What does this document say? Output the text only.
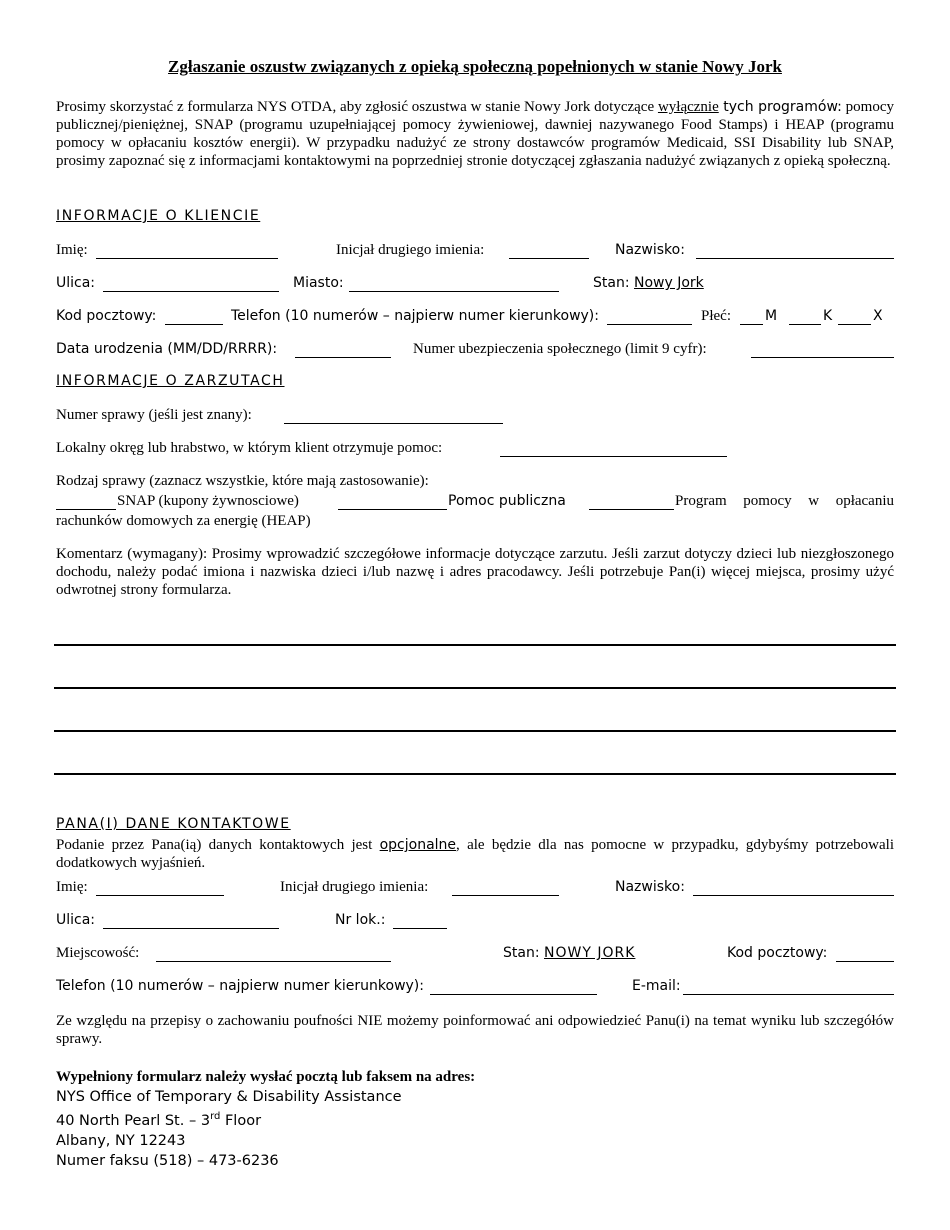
Zgłaszanie oszustw związanych z opieką społeczną popełnionych w stanie Nowy Jork
Prosimy skorzystać z formularza NYS OTDA, aby zgłosić oszustwa w stanie Nowy Jork dotyczące wyłącznie tych programów: pomocy publicznej/pieniężnej, SNAP (programu uzupełniającej pomocy żywieniowej, dawniej nazywanego Food Stamps) i HEAP (programu pomocy w opłacaniu kosztów energii). W przypadku nadużyć ze strony dostawców programów Medicaid, SSI Disability lub SNAP, prosimy zapoznać się z informacjami kontaktowymi na poprzedniej stronie dotyczącej zgłaszania nadużyć związanych z opieką społeczną.
INFORMACJE O KLIENCIE
Imię:	Inicjał drugiego imienia:	Nazwisko:
Ulica:	Miasto:	Stan: Nowy Jork
Kod pocztowy:	Telefon (10 numerów – najpierw numer kierunkowy):	Płeć: M	K	X
Data urodzenia (MM/DD/RRRR):	Numer ubezpieczenia społecznego (limit 9 cyfr):
INFORMACJE O ZARZUTACH
Numer sprawy (jeśli jest znany):
Lokalny okręg lub hrabstwo, w którym klient otrzymuje pomoc:
Rodzaj sprawy (zaznacz wszystkie, które mają zastosowanie):
SNAP (kupony żywnosciowe)	Pomoc publiczna	Program pomocy w opłacaniu
rachunków domowych za energię (HEAP)
Komentarz (wymagany): Prosimy wprowadzić szczegółowe informacje dotyczące zarzutu. Jeśli zarzut dotyczy dzieci lub niezgłoszonego dochodu, należy podać imiona i nazwiska dzieci i/lub nazwę i adres pracodawcy. Jeśli potrzebuje Pan(i) więcej miejsca, prosimy użyć odwrotnej strony formularza.
PANA(I) DANE KONTAKTOWE
Podanie przez Pana(ią) danych kontaktowych jest opcjonalne, ale będzie dla nas pomocne w przypadku, gdybyśmy potrzebowali dodatkowych wyjaśnień.
Imię:	Inicjał drugiego imienia:	Nazwisko:
Ulica:	Nr lok.:
Miejscowość:	Stan: NOWY JORK	Kod pocztowy:
Telefon (10 numerów – najpierw numer kierunkowy):	E-mail:
Ze względu na przepisy o zachowaniu poufności NIE możemy poinformować ani odpowiedzieć Panu(i) na temat wyniku lub szczegółów sprawy.
Wypełniony formularz należy wysłać pocztą lub faksem na adres:
NYS Office of Temporary & Disability Assistance
40 North Pearl St. – 3rd Floor
Albany, NY 12243
Numer faksu (518) – 473-6236
